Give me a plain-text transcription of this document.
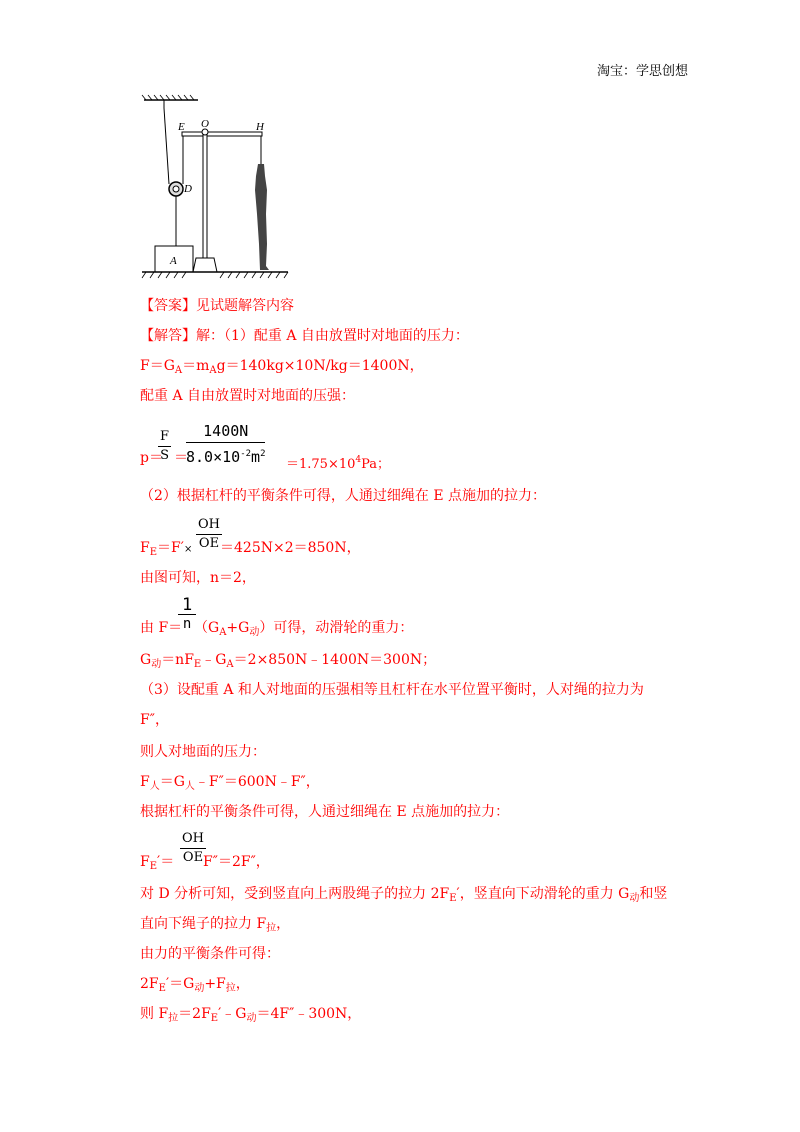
淘宝：学思创想
E O	H
D
A
【答案】见试题解答内容
【解答】解：（1）配重 A 自由放置时对地面的压力：
$F=G_A=m_Ag=140kg\times 10N/kg=1400N$，
配重 A 自由放置时对地面的压强：
p＝
$\frac{F}{S}$ ＝
$\frac{1400N}{8.0\times 10^{-2}m^2} =1.75\times 10^4Pa$；
（2）根据杠杆的平衡条件可得，人通过细绳在 E 点施加的拉力：
$F_E=F'\times \frac{OH}{OE}$
＝425N×2＝850N，
由图可知，n＝2，
由 F＝
1
n $(G_A+G_动)$可得，动滑轮的重力：
$G_动=nF_E﹣G_A=2\times 850N﹣1400N=300N$；
（3）设配重 A 和人对地面的压强相等且杠杆在水平位置平衡时，人对绳的拉力为
F″，
则人对地面的压力：
$F_人=G_人﹣F''=600N﹣F''$，
根据杠杆的平衡条件可得，人通过细绳在 E 点施加的拉力：
$F_E'= \frac{OH}{OE}$
F″＝2F″，
对 D 分析可知，受到竖直向上两股绳子的拉力 $2F_E'$，竖直向下动滑轮的重力 $G_动$和竖
直向下绳子的拉力 $F_拉$，
由力的平衡条件可得：
$2F_E'=G_动+F_拉$，
则 $F_拉=2F_E'﹣G_动=4F''﹣300N$，
